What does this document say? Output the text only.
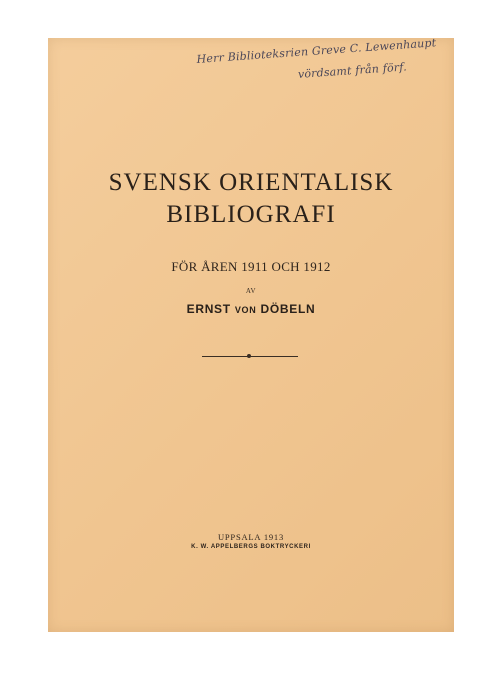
Herr Biblioteksrien Greve C. Lewenhaupt
vördsamt från förf.
SVENSK ORIENTALISK
BIBLIOGRAFI
FÖR ÅREN 1911 OCH 1912
AV
ERNST VON DÖBELN
UPPSALA 1913
K. W. APPELBERGS BOKTRYCKERI
